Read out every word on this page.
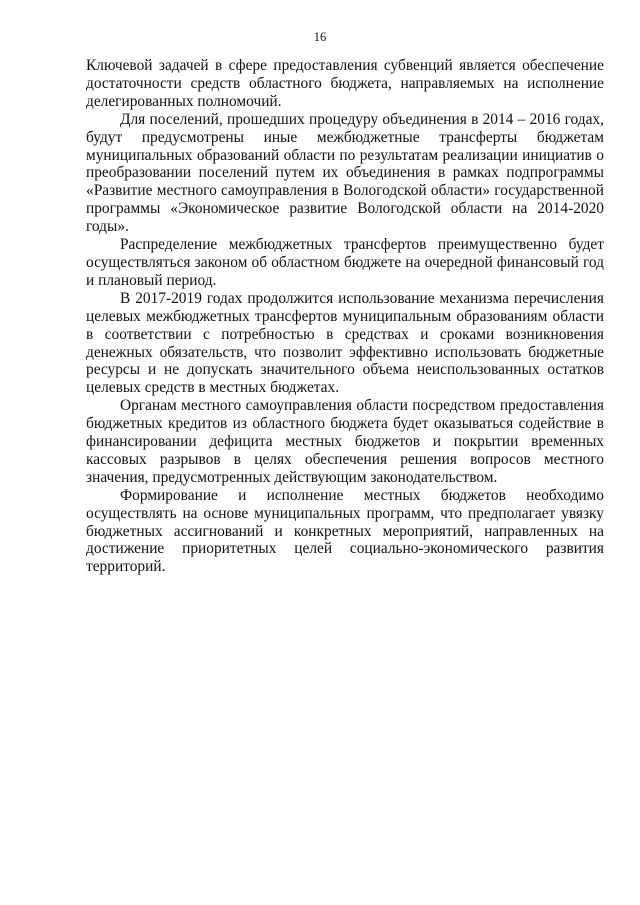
16

Ключевой задачей в сфере предоставления субвенций является обеспечение достаточности средств областного бюджета, направляемых на исполнение делегированных полномочий.

Для поселений, прошедших процедуру объединения в 2014 – 2016 годах, будут предусмотрены иные межбюджетные трансферты бюджетам муниципальных образований области по результатам реализации инициатив о преобразовании поселений путем их объединения в рамках подпрограммы «Развитие местного самоуправления в Вологодской области» государственной программы «Экономическое развитие Вологодской области на 2014-2020 годы».

Распределение межбюджетных трансфертов преимущественно будет осуществляться законом об областном бюджете на очередной финансовый год и плановый период.

В 2017-2019 годах продолжится использование механизма перечисления целевых межбюджетных трансфертов муниципальным образованиям области в соответствии с потребностью в средствах и сроками возникновения денежных обязательств, что позволит эффективно использовать бюджетные ресурсы и не допускать значительного объема неиспользованных остатков целевых средств в местных бюджетах.

Органам местного самоуправления области посредством предоставления бюджетных кредитов из областного бюджета будет оказываться содействие в финансировании дефицита местных бюджетов и покрытии временных кассовых разрывов в целях обеспечения решения вопросов местного значения, предусмотренных действующим законодательством.

Формирование и исполнение местных бюджетов необходимо осуществлять на основе муниципальных программ, что предполагает увязку бюджетных ассигнований и конкретных мероприятий, направленных на достижение приоритетных целей социально-экономического развития территорий.
